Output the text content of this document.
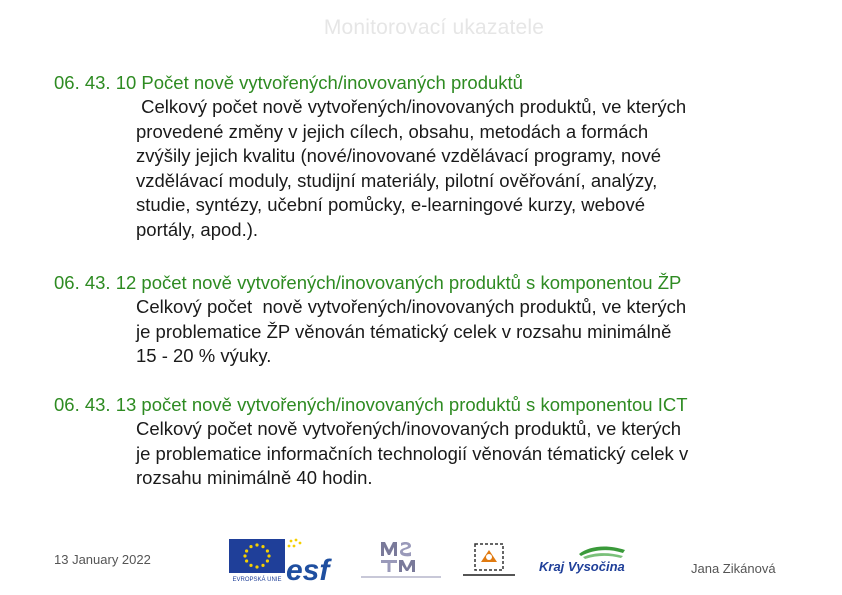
Monitorovací ukazatele
06. 43. 10 Počet nově vytvořených/inovovaných produktů
Celkový počet nově vytvořených/inovovaných produktů, ve kterých
provedené změny v jejich cílech, obsahu, metodách a formách
zvýšily jejich kvalitu (nové/inovované vzdělávací programy, nové
vzdělávací moduly, studijní materiály, pilotní ověřování, analýzy,
studie, syntézy, učební pomůcky, e-learningové kurzy, webové
portály, apod.).
06. 43. 12 počet nově vytvořených/inovovaných produktů s komponentou ŽP
Celkový počet  nově vytvořených/inovovaných produktů, ve kterých
je problematice ŽP věnován tématický celek v rozsahu minimálně
15 - 20 % výuky.
06. 43. 13 počet nově vytvořených/inovovaných produktů s komponentou ICT
Celkový počet nově vytvořených/inovovaných produktů, ve kterých
je problematice informačních technologií věnován tématický celek v
rozsahu minimálně 40 hodin.
13 January 2022
EVROPSKÁ UNIE esf	Kraj Vysočina	Jana Zikánová
